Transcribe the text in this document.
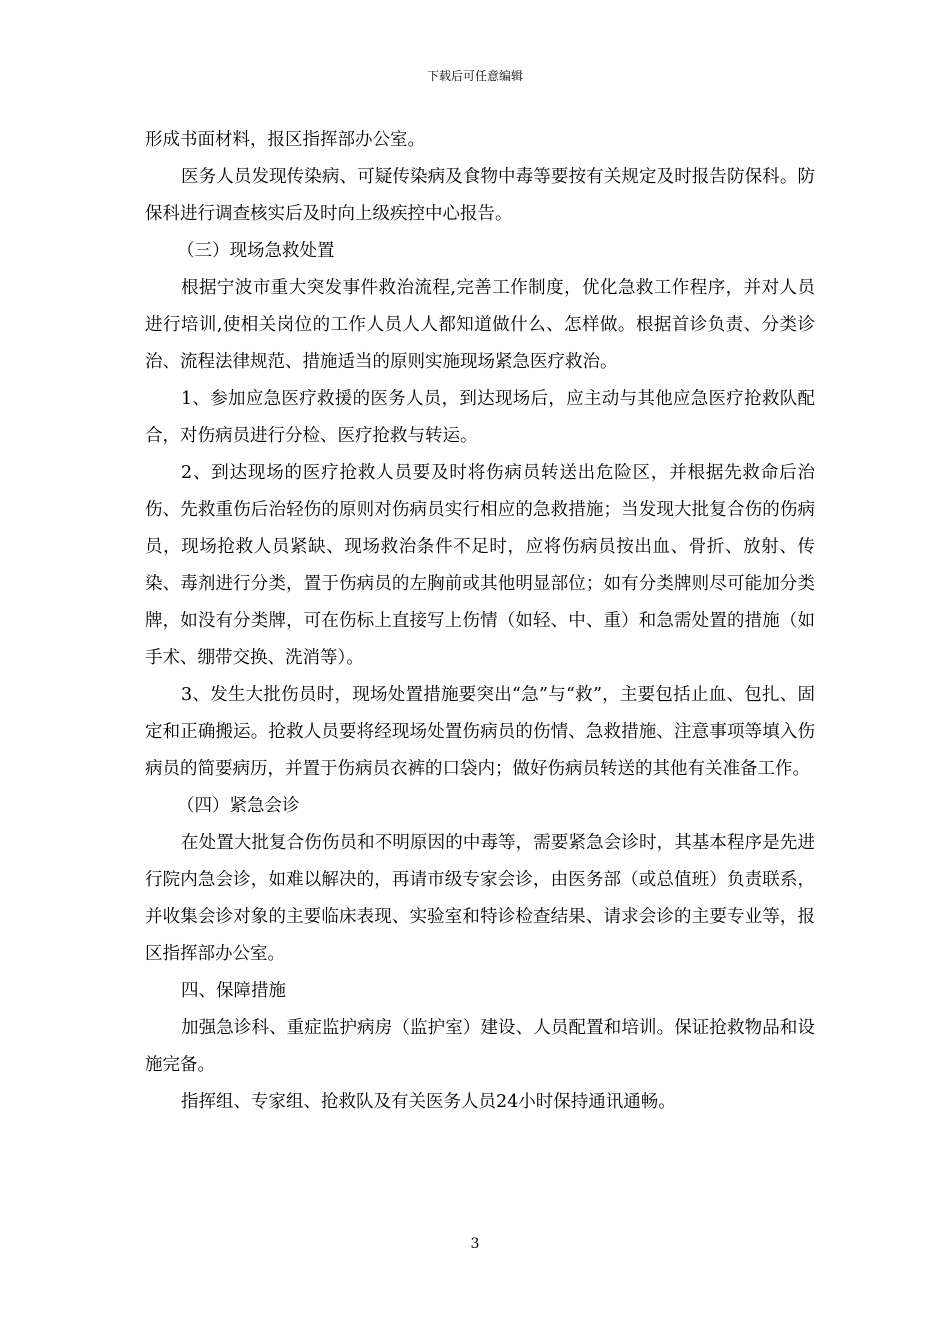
下载后可任意编辑

形成书面材料，报区指挥部办公室。

医务人员发现传染病、可疑传染病及食物中毒等要按有关规定及时报告防保科。防保科进行调查核实后及时向上级疾控中心报告。

（三）现场急救处置

根据宁波市重大突发事件救治流程,完善工作制度，优化急救工作程序，并对人员进行培训,使相关岗位的工作人员人人都知道做什么、怎样做。根据首诊负责、分类诊治、流程法律规范、措施适当的原则实施现场紧急医疗救治。

1、参加应急医疗救援的医务人员，到达现场后，应主动与其他应急医疗抢救队配合，对伤病员进行分检、医疗抢救与转运。

2、到达现场的医疗抢救人员要及时将伤病员转送出危险区，并根据先救命后治伤、先救重伤后治轻伤的原则对伤病员实行相应的急救措施；当发现大批复合伤的伤病员，现场抢救人员紧缺、现场救治条件不足时，应将伤病员按出血、骨折、放射、传染、毒剂进行分类，置于伤病员的左胸前或其他明显部位；如有分类牌则尽可能加分类牌，如没有分类牌，可在伤标上直接写上伤情（如轻、中、重）和急需处置的措施（如手术、绷带交换、洗消等）。

3、发生大批伤员时，现场处置措施要突出“急”与“救”，主要包括止血、包扎、固定和正确搬运。抢救人员要将经现场处置伤病员的伤情、急救措施、注意事项等填入伤病员的简要病历，并置于伤病员衣裤的口袋内；做好伤病员转送的其他有关准备工作。

（四）紧急会诊

在处置大批复合伤伤员和不明原因的中毒等，需要紧急会诊时，其基本程序是先进行院内急会诊，如难以解决的，再请市级专家会诊，由医务部（或总值班）负责联系，并收集会诊对象的主要临床表现、实验室和特诊检查结果、请求会诊的主要专业等，报区指挥部办公室。

四、保障措施

加强急诊科、重症监护病房（监护室）建设、人员配置和培训。保证抢救物品和设施完备。

指挥组、专家组、抢救队及有关医务人员24小时保持通讯通畅。

3
